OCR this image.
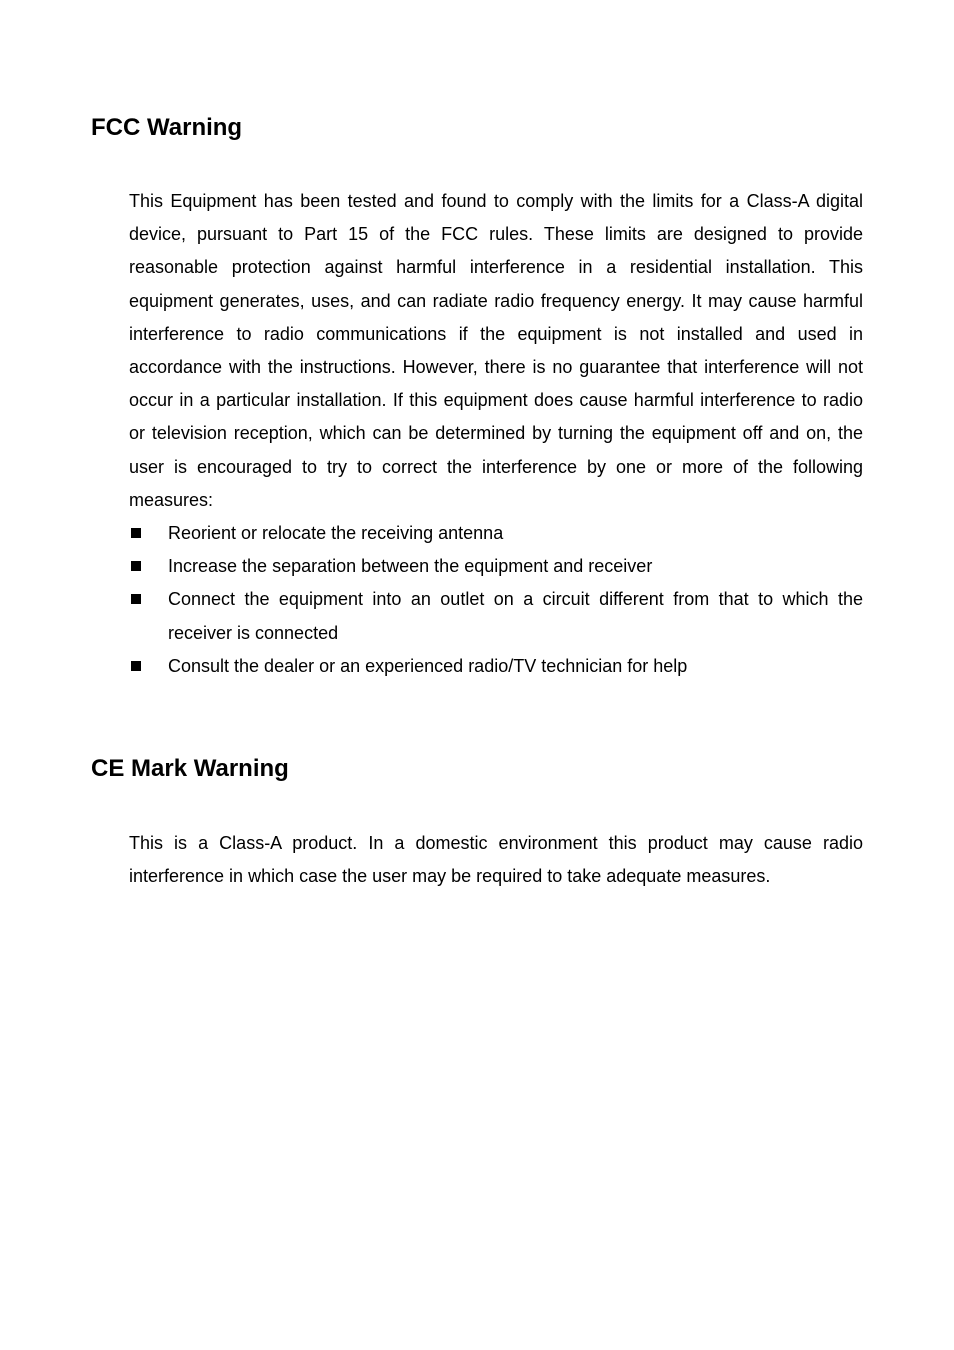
FCC Warning

This Equipment has been tested and found to comply with the limits for a Class-A digital device, pursuant to Part 15 of the FCC rules. These limits are designed to provide reasonable protection against harmful interference in a residential installation. This equipment generates, uses, and can radiate radio frequency energy. It may cause harmful interference to radio communications if the equipment is not installed and used in accordance with the instructions. However, there is no guarantee that interference will not occur in a particular installation. If this equipment does cause harmful interference to radio or television reception, which can be determined by turning the equipment off and on, the user is encouraged to try to correct the interference by one or more of the following measures:

Reorient or relocate the receiving antenna
Increase the separation between the equipment and receiver
Connect the equipment into an outlet on a circuit different from that to which the receiver is connected
Consult the dealer or an experienced radio/TV technician for help
CE Mark Warning

This is a Class-A product. In a domestic environment this product may cause radio interference in which case the user may be required to take adequate measures.
